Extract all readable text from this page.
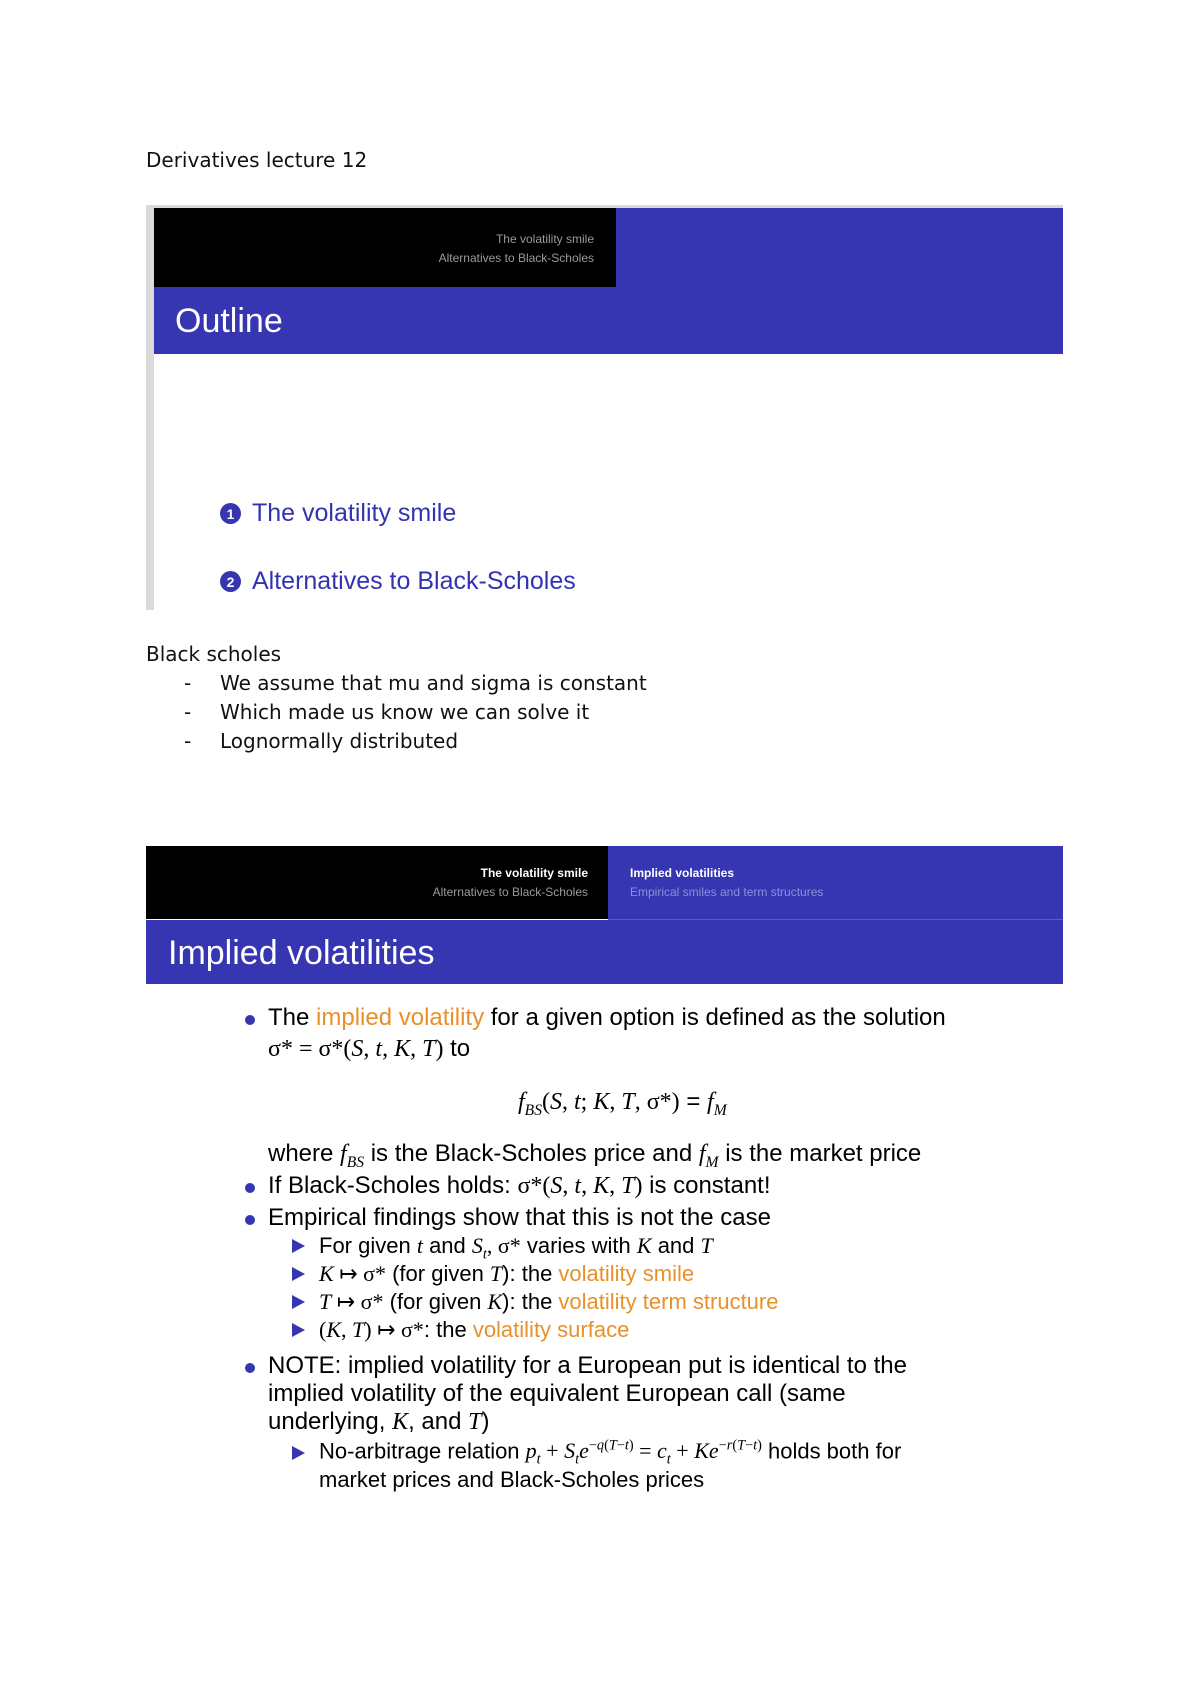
Derivatives lecture 12
The volatility smile
Alternatives to Black-Scholes
Outline
1 The volatility smile
2 Alternatives to Black-Scholes
Black scholes
-	We assume that mu and sigma is constant
-	Which made us know we can solve it
-	Lognormally distributed
The volatility smile
Alternatives to Black-Scholes
Implied volatilities
Empirical smiles and term structures
Implied volatilities
The implied volatility for a given option is defined as the solution
σ* = σ*(S, t, K, T) to
$f_{BS}(S$, t; K, T, $\sigma*) = f_M$
where $f_{BS}$ is the Black-Scholes price and $f_M$ is the market price
If Black-Scholes holds: σ*(S, t, K, T) is constant!
Empirical findings show that this is not the case
For given t and $S_t$, σ* varies with K and T
K ↦ σ* (for given T): the volatility smile
T ↦ σ* (for given K): the volatility term structure
(K, T) ↦ σ*: the volatility surface
NOTE: implied volatility for a European put is identical to the
implied volatility of the equivalent European call (same
underlying, K, and T)
No-arbitrage relation $p_t + S_te^{-q(T-t)} = c_t + Ke^{-r(T-t)}$ holds both for
market prices and Black-Scholes prices
